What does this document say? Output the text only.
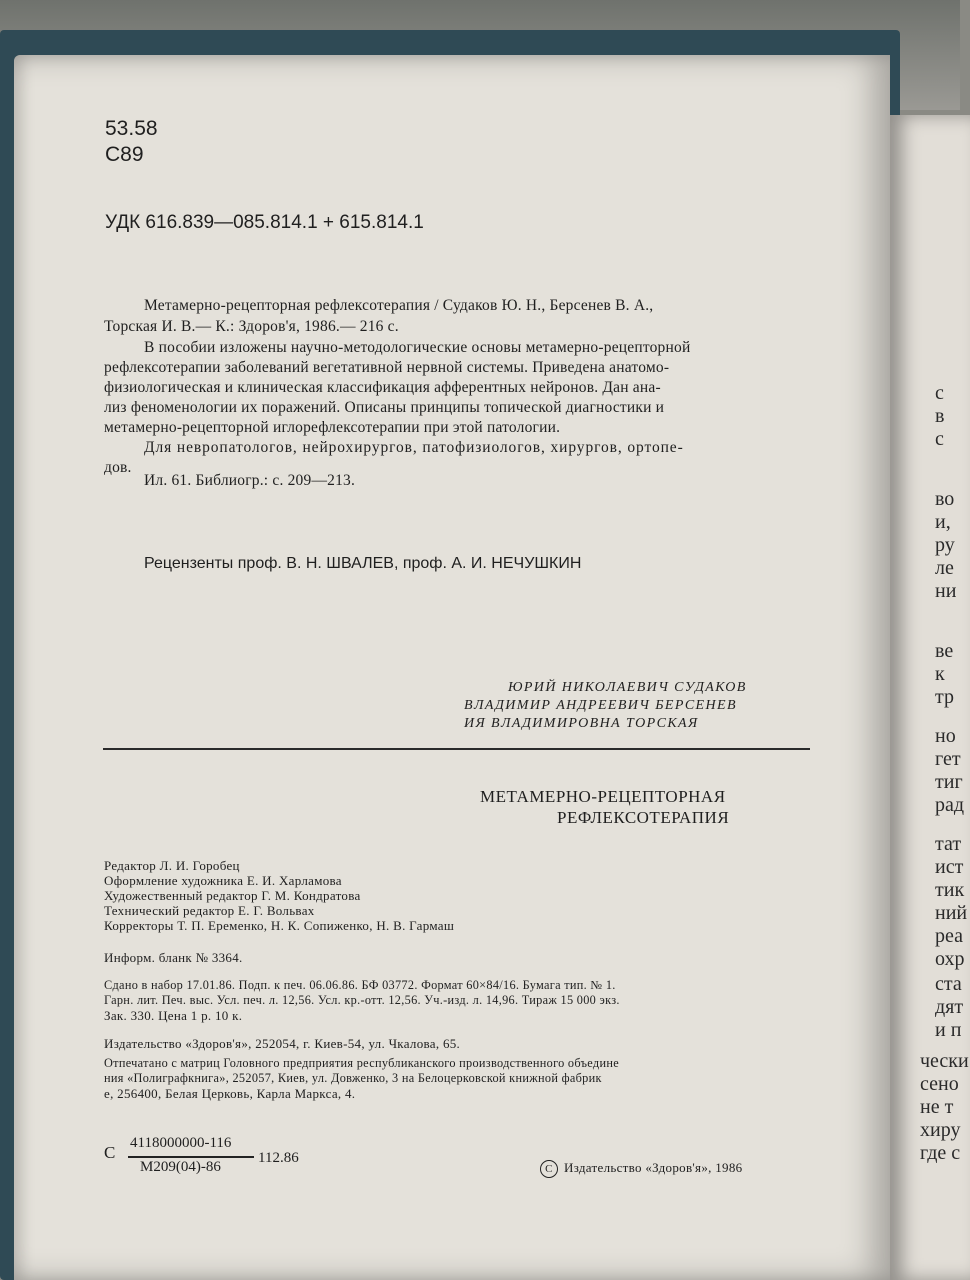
с
в
с
во
и,
ру
ле
ни
ве
к
тр
но
гет
тиг
рад
тат
ист
тик
ний
реа
охр
ста
дят
и п
чески
сено
не т
хиру
где с
53.58
С89
УДК 616.839—085.814.1 + 615.814.1
Метамерно-рецепторная рефлексотерапия / Судаков Ю. Н., Берсенев В. А.,
Торская И. В.— К.: Здоров'я, 1986.— 216 с.
В пособии изложены научно-методологические основы метамерно-рецепторной
рефлексотерапии заболеваний вегетативной нервной системы. Приведена анатомо-
физиологическая и клиническая классификация афферентных нейронов. Дан ана-
лиз феноменологии их поражений. Описаны принципы топической диагностики и
метамерно-рецепторной иглорефлексотерапии при этой патологии.
Для невропатологов, нейрохирургов, патофизиологов, хирургов, ортопе-
дов.
Ил. 61. Библиогр.: с. 209—213.
Рецензенты проф. В. Н. ШВАЛЕВ, проф. А. И. НЕЧУШКИН
ЮРИЙ НИКОЛАЕВИЧ СУДАКОВ
ВЛАДИМИР АНДРЕЕВИЧ БЕРСЕНЕВ
ИЯ ВЛАДИМИРОВНА ТОРСКАЯ
МЕТАМЕРНО-РЕЦЕПТОРНАЯ
РЕФЛЕКСОТЕРАПИЯ
Редактор Л. И. Горобец
Оформление художника Е. И. Харламова
Художественный редактор Г. М. Кондратова
Технический редактор Е. Г. Вольвах
Корректоры Т. П. Еременко, Н. К. Сопиженко, Н. В. Гармаш
Информ. бланк № 3364.
Сдано в набор 17.01.86. Подп. к печ. 06.06.86. БФ 03772. Формат 60×84/16. Бумага тип. № 1.
Гарн. лит. Печ. выс. Усл. печ. л. 12,56. Усл. кр.-отт. 12,56. Уч.-изд. л. 14,96. Тираж 15 000 экз.
Зак. 330. Цена 1 р. 10 к.
Издательство «Здоров'я», 252054, г. Киев-54, ул. Чкалова, 65.
Отпечатано с матриц Головного предприятия республиканского производственного объедине
ния «Полиграфкнига», 252057, Киев, ул. Довженко, 3 на Белоцерковской книжной фабрик
е, 256400, Белая Церковь, Карла Маркса, 4.
С 4118000000-116
М209(04)-86
112.86
C Издательство «Здоров'я», 1986
